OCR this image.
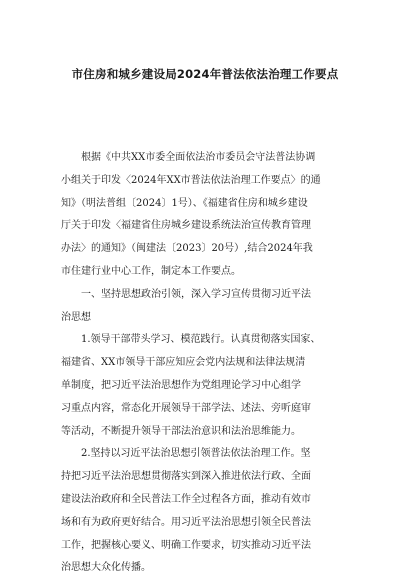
市住房和城乡建设局2024年普法依法治理工作要点
根据《中共XX市委全面依法治市委员会守法普法协调
小组关于印发〈2024年XX市普法依法治理工作要点〉的通
知》（明法普组〔2024〕1号）、《福建省住房和城乡建设
厅关于印发〈福建省住房城乡建设系统法治宣传教育管理
办法〉的通知》（闽建法〔2023〕20号）,结合2024年我
市住建行业中心工作，制定本工作要点。
一、坚持思想政治引领，深入学习宣传贯彻习近平法
治思想
1.领导干部带头学习、模范践行。认真贯彻落实国家、
福建省、XX市领导干部应知应会党内法规和法律法规清
单制度，把习近平法治思想作为党组理论学习中心组学
习重点内容，常态化开展领导干部学法、述法、旁听庭审
等活动，不断提升领导干部法治意识和法治思维能力。
2.坚持以习近平法治思想引领普法依法治理工作。坚
持把习近平法治思想贯彻落实到深入推进依法行政、全面
建设法治政府和全民普法工作全过程各方面，推动有效市
场和有为政府更好结合。用习近平法治思想引领全民普法
工作，把握核心要义、明确工作要求，切实推动习近平法
治思想大众化传播。
